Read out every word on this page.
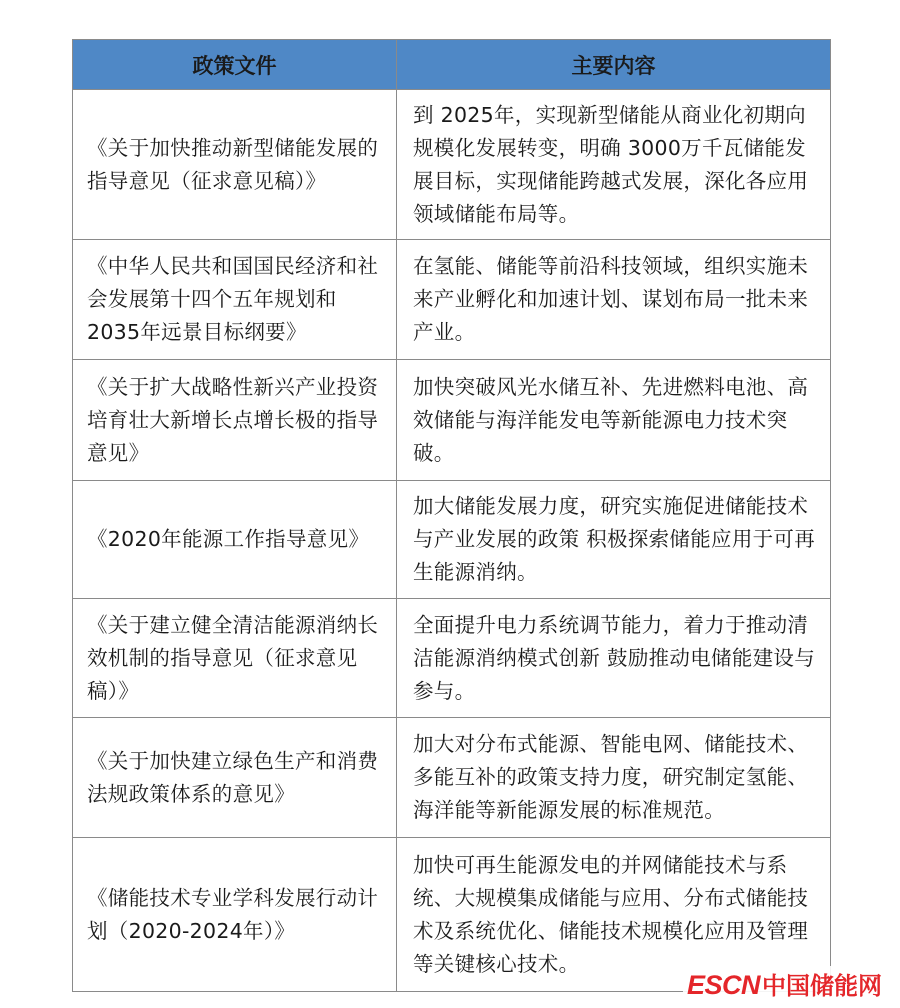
政策文件	主要内容
《关于加快推动新型储能发展的指导意见（征求意见稿）》	到 2025年，实现新型储能从商业化初期向规模化发展转变，明确 3000万千瓦储能发展目标，实现储能跨越式发展，深化各应用领域储能布局等。
《中华人民共和国国民经济和社会发展第十四个五年规划和 2035年远景目标纲要》	在氢能、储能等前沿科技领域，组织实施未来产业孵化和加速计划、谋划布局一批未来产业。
《关于扩大战略性新兴产业投资培育壮大新增长点增长极的指导意见》	加快突破风光水储互补、先进燃料电池、高效储能与海洋能发电等新能源电力技术突破。
《2020年能源工作指导意见》	加大储能发展力度，研究实施促进储能技术与产业发展的政策 积极探索储能应用于可再生能源消纳。
《关于建立健全清洁能源消纳长效机制的指导意见（征求意见稿）》	全面提升电力系统调节能力，着力于推动清洁能源消纳模式创新 鼓励推动电储能建设与参与。
《关于加快建立绿色生产和消费法规政策体系的意见》	加大对分布式能源、智能电网、储能技术、多能互补的政策支持力度，研究制定氢能、海洋能等新能源发展的标准规范。
《储能技术专业学科发展行动计划（2020-2024年）》	加快可再生能源发电的并网储能技术与系统、大规模集成储能与应用、分布式储能技术及系统优化、储能技术规模化应用及管理等关键核心技术。
ESCN 中国储能网
